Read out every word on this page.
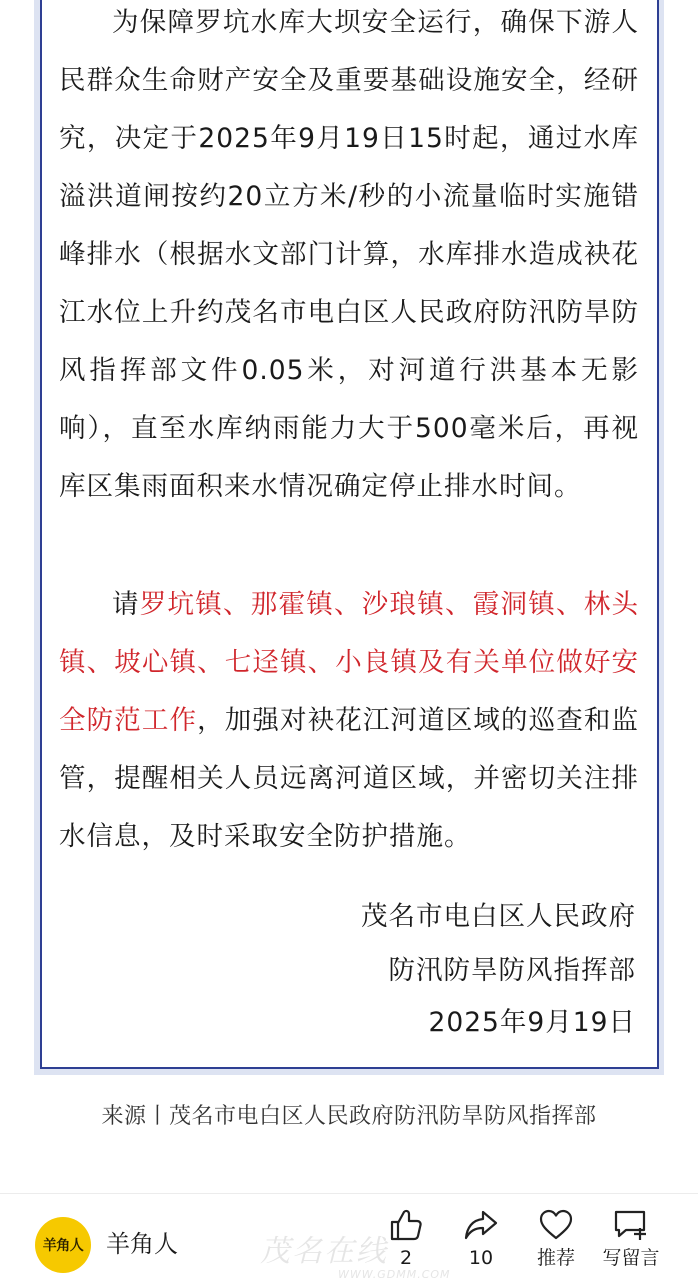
为保障罗坑水库大坝安全运行，确保下游人民群众生命财产安全及重要基础设施安全，经研究，决定于2025年9月19日15时起，通过水库溢洪道闸按约20立方米/秒的小流量临时实施错峰排水（根据水文部门计算，水库排水造成袂花江水位上升约茂名市电白区人民政府防汛防旱防风指挥部文件0.05米，对河道行洪基本无影响），直至水库纳雨能力大于500毫米后，再视库区集雨面积来水情况确定停止排水时间。

请罗坑镇、那霍镇、沙琅镇、霞洞镇、林头镇、坡心镇、七迳镇、小良镇及有关单位做好安全防范工作，加强对袂花江河道区域的巡查和监管，提醒相关人员远离河道区域，并密切关注排水信息，及时采取安全防护措施。

茂名市电白区人民政府
防汛防旱防风指挥部
2025年9月19日
来源丨茂名市电白区人民政府防汛防旱防风指挥部
羊角人 羊角人	2	10	推荐	写留言
茂名在线
WWW.GDMM.COM
